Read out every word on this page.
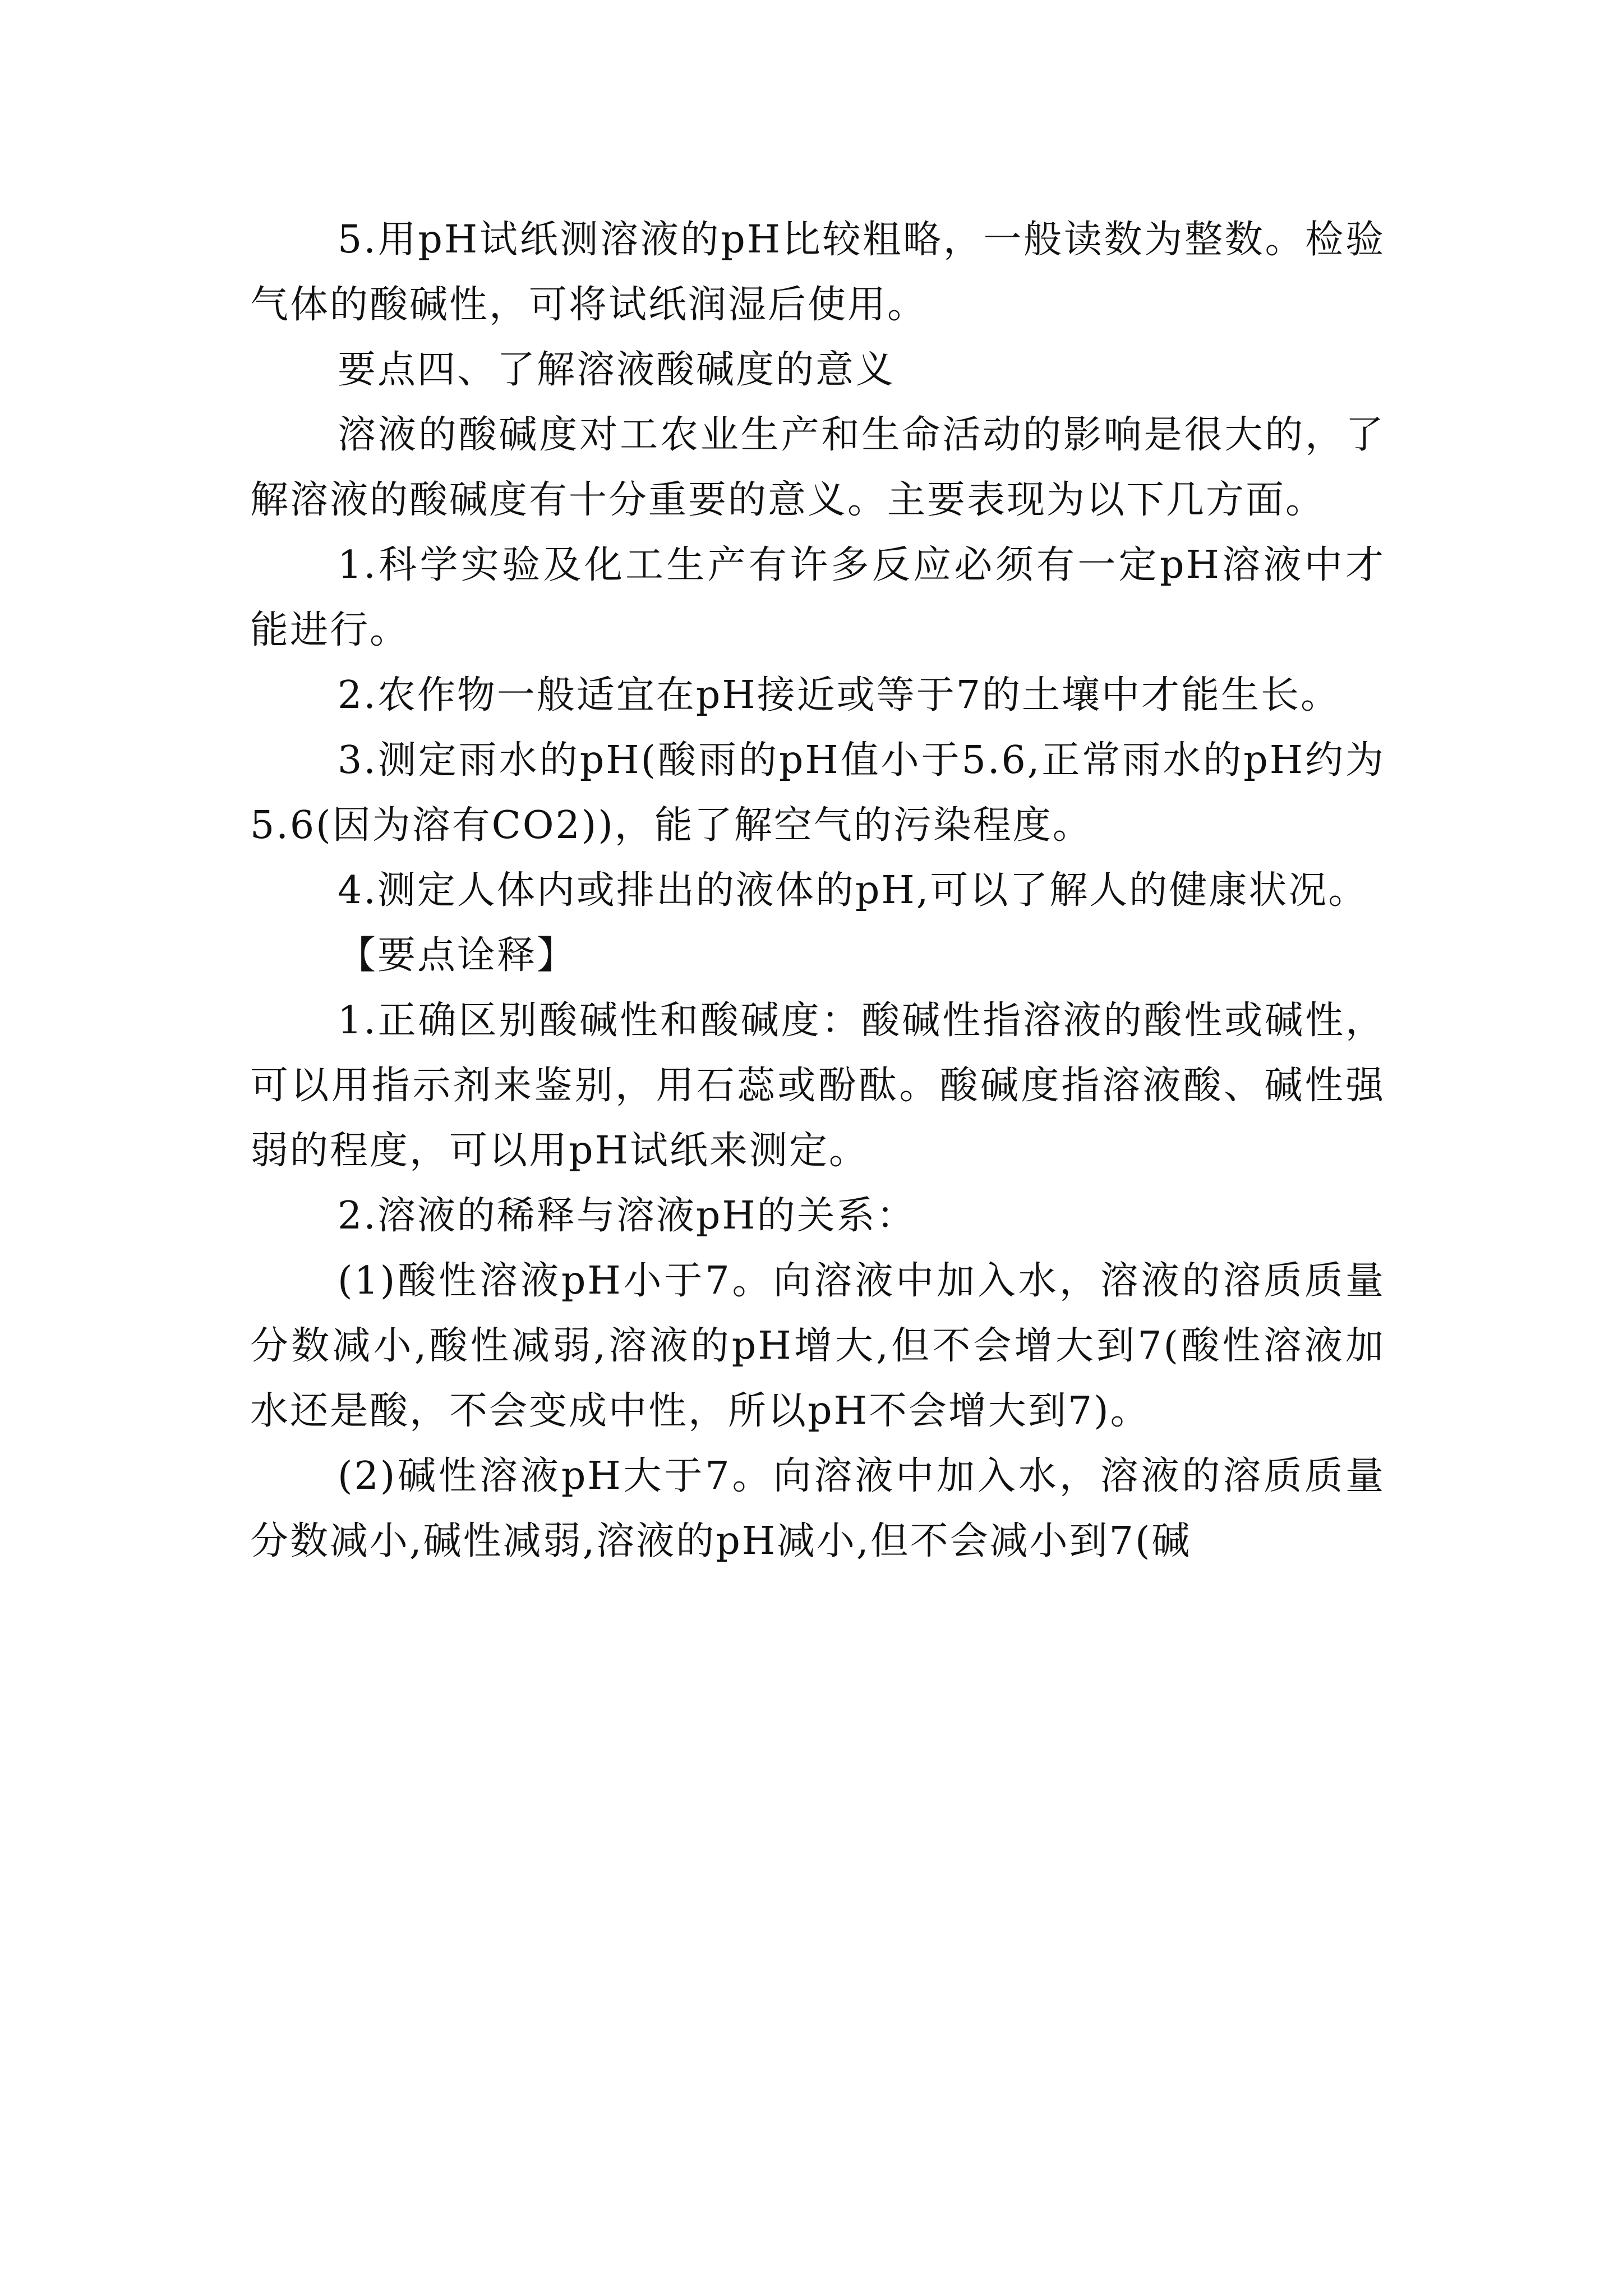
5.用pH试纸测溶液的pH比较粗略，一般读数为整数。检验气体的酸碱性，可将试纸润湿后使用。

要点四、了解溶液酸碱度的意义

溶液的酸碱度对工农业生产和生命活动的影响是很大的，了解溶液的酸碱度有十分重要的意义。主要表现为以下几方面。

1.科学实验及化工生产有许多反应必须有一定pH溶液中才能进行。

2.农作物一般适宜在pH接近或等于7的土壤中才能生长。

3.测定雨水的pH(酸雨的pH值小于5.6,正常雨水的pH约为5.6(因为溶有CO2))，能了解空气的污染程度。

4.测定人体内或排出的液体的pH,可以了解人的健康状况。

【要点诠释】

1.正确区别酸碱性和酸碱度：酸碱性指溶液的酸性或碱性，可以用指示剂来鉴别，用石蕊或酚酞。酸碱度指溶液酸、碱性强弱的程度，可以用pH试纸来测定。

2.溶液的稀释与溶液pH的关系：

(1)酸性溶液pH小于7。向溶液中加入水，溶液的溶质质量分数减小,酸性减弱,溶液的pH增大,但不会增大到7(酸性溶液加水还是酸，不会变成中性，所以pH不会增大到7)。

(2)碱性溶液pH大于7。向溶液中加入水，溶液的溶质质量分数减小,碱性减弱,溶液的pH减小,但不会减小到7(碱
